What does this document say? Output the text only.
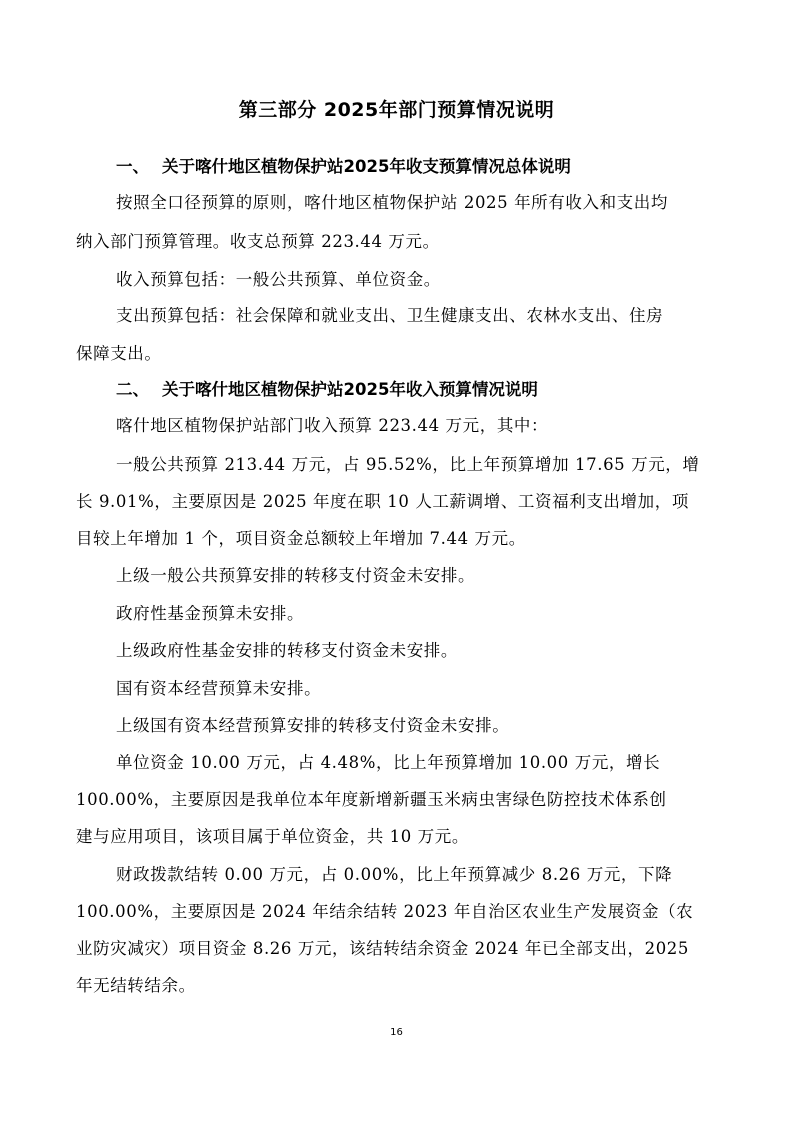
第三部分 2025年部门预算情况说明
一、 关于喀什地区植物保护站2025年收支预算情况总体说明
按照全口径预算的原则，喀什地区植物保护站 2025 年所有收入和支出均
纳入部门预算管理。收支总预算 223.44 万元。
收入预算包括：一般公共预算、单位资金。
支出预算包括：社会保障和就业支出、卫生健康支出、农林水支出、住房
保障支出。
二、 关于喀什地区植物保护站2025年收入预算情况说明
喀什地区植物保护站部门收入预算 223.44 万元，其中：
一般公共预算 213.44 万元，占 95.52%，比上年预算增加 17.65 万元，增
长 9.01%，主要原因是 2025 年度在职 10 人工薪调增、工资福利支出增加，项
目较上年增加 1 个，项目资金总额较上年增加 7.44 万元。
上级一般公共预算安排的转移支付资金未安排。
政府性基金预算未安排。
上级政府性基金安排的转移支付资金未安排。
国有资本经营预算未安排。
上级国有资本经营预算安排的转移支付资金未安排。
单位资金 10.00 万元，占 4.48%，比上年预算增加 10.00 万元，增长
100.00%，主要原因是我单位本年度新增新疆玉米病虫害绿色防控技术体系创
建与应用项目，该项目属于单位资金，共 10 万元。
财政拨款结转 0.00 万元，占 0.00%，比上年预算减少 8.26 万元，下降
100.00%，主要原因是 2024 年结余结转 2023 年自治区农业生产发展资金（农
业防灾减灾）项目资金 8.26 万元，该结转结余资金 2024 年已全部支出，2025
年无结转结余。
16
